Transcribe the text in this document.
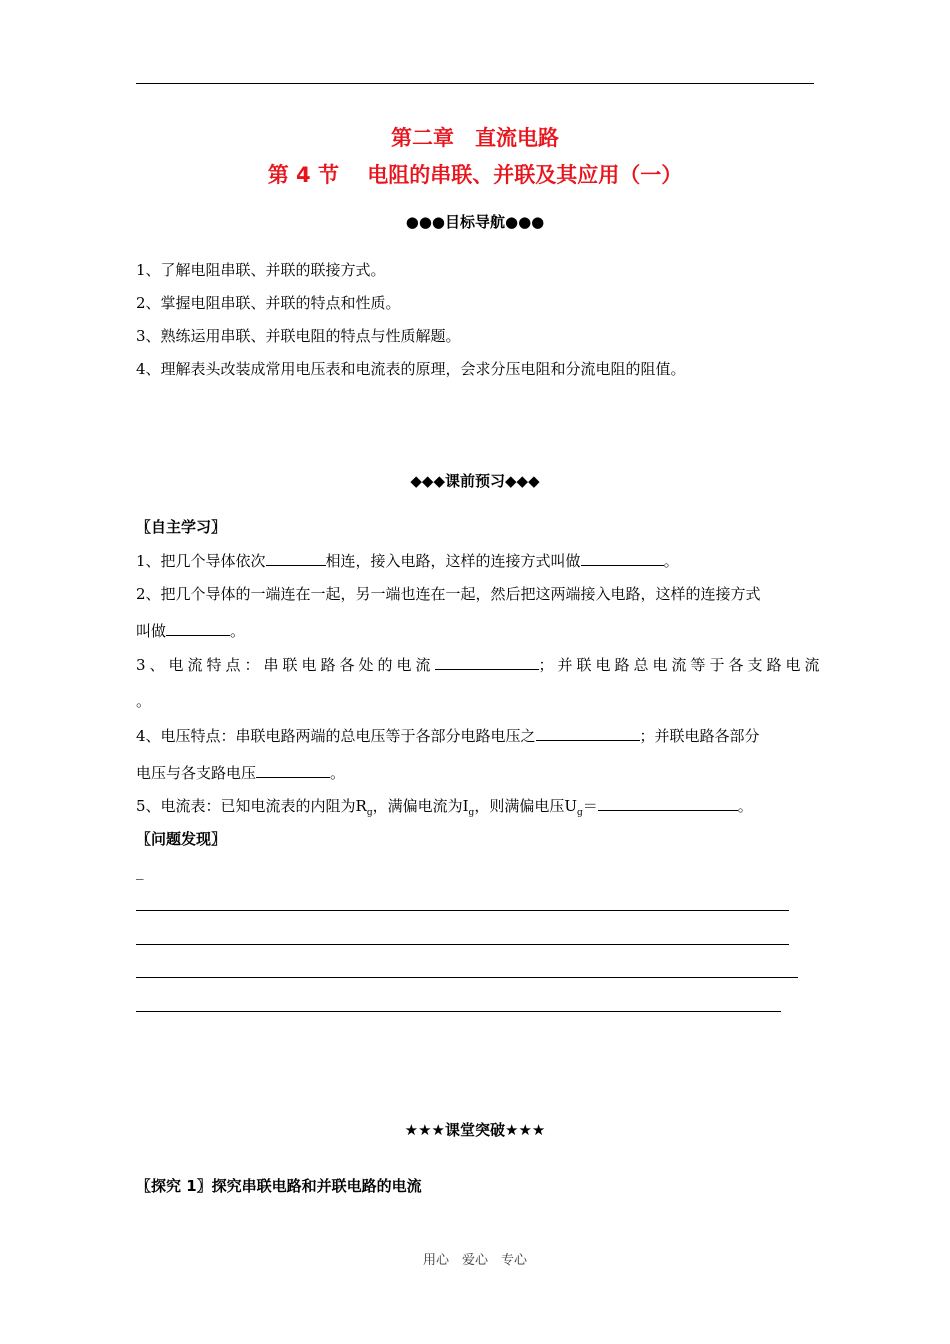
第二章　直流电路
第 4 节　 电阻的串联、并联及其应用（一）
●●●目标导航●●●
1、了解电阻串联、并联的联接方式。
2、掌握电阻串联、并联的特点和性质。
3、熟练运用串联、并联电阻的特点与性质解题。
4、理解表头改装成常用电压表和电流表的原理，会求分压电阻和分流电阻的阻值。
◆◆◆课前预习◆◆◆
〖自主学习〗
1、把几个导体依次	相连，接入电路，这样的连接方式叫做	。
2、把几个导体的一端连在一起，另一端也连在一起，然后把这两端接入电路，这样的连接方式
叫做	。
3、电流特点：串联电路各处的电流	；并联电路总电流等于各支路电流
。
4、电压特点：串联电路两端的总电压等于各部分电路电压之	；并联电路各部分
电压与各支路电压	。
5、电流表：已知电流表的内阻为$R_g$，满偏电流为$I_g$，则满偏电压$U_g=$	。
〖问题发现〗
_
★★★课堂突破★★★
〖探究 1〗探究串联电路和并联电路的电流
用心　爱心　专心
